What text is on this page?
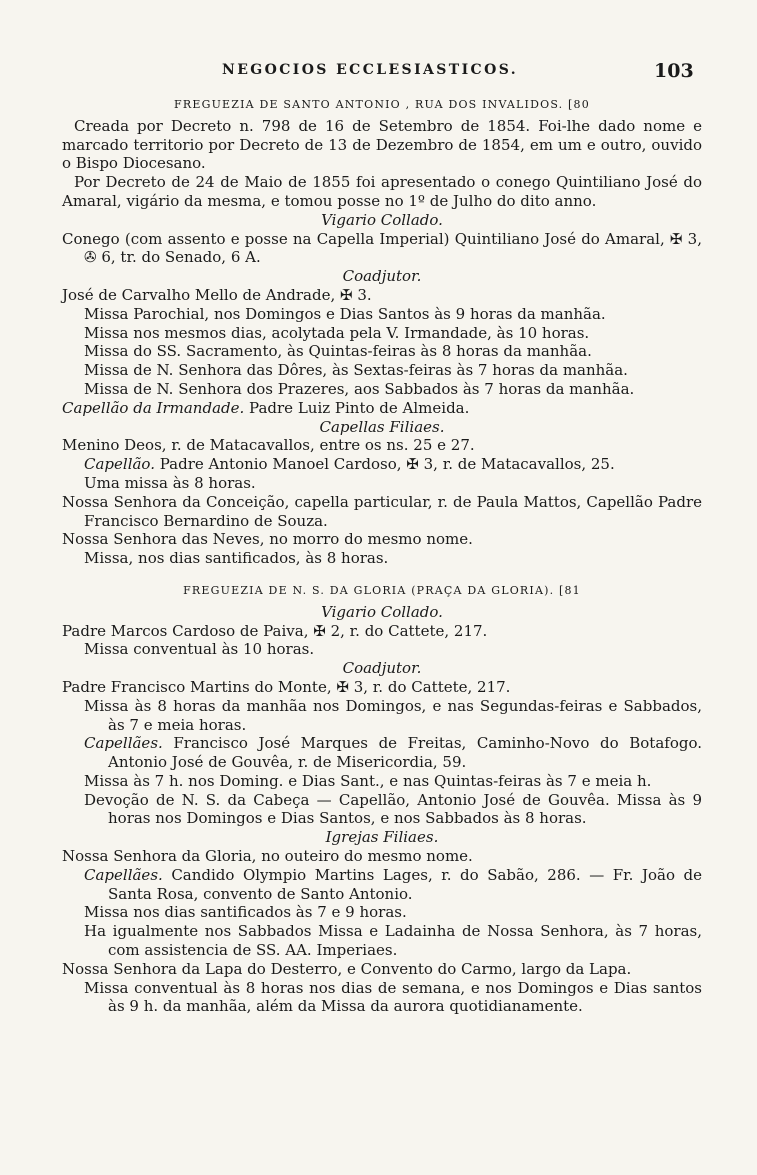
NEGOCIOS ECCLESIASTICOS.	103

FREGUEZIA DE SANTO ANTONIO , RUA DOS INVALIDOS. [80

Creada por Decreto n. 798 de 16 de Setembro de 1854. Foi-lhe dado nome e marcado territorio por Decreto de 13 de Dezembro de 1854, em um e outro, ouvido o Bispo Diocesano.

Por Decreto de 24 de Maio de 1855 foi apresentado o conego Quintiliano José do Amaral, vigário da mesma, e tomou posse no 1º de Julho do dito anno.

Vigario Collado.

Conego (com assento e posse na Capella Imperial) Quintiliano José do Amaral, ✠ 3, ✇ 6, tr. do Senado, 6 A.

Coadjutor.

José de Carvalho Mello de Andrade, ✠ 3.

Missa Parochial, nos Domingos e Dias Santos às 9 horas da manhãa.

Missa nos mesmos dias, acolytada pela V. Irmandade, às 10 horas.

Missa do SS. Sacramento, às Quintas-feiras às 8 horas da manhãa.

Missa de N. Senhora das Dôres, às Sextas-feiras às 7 horas da manhãa.

Missa de N. Senhora dos Prazeres, aos Sabbados às 7 horas da manhãa.

Capellão da Irmandade. Padre Luiz Pinto de Almeida.

Capellas Filiaes.

Menino Deos, r. de Matacavallos, entre os ns. 25 e 27.

Capellão. Padre Antonio Manoel Cardoso, ✠ 3, r. de Matacavallos, 25.

Uma missa às 8 horas.

Nossa Senhora da Conceição, capella particular, r. de Paula Mattos, Capellão Padre Francisco Bernardino de Souza.

Nossa Senhora das Neves, no morro do mesmo nome.

Missa, nos dias santificados, às 8 horas.

FREGUEZIA DE N. S. DA GLORIA (PRAÇA DA GLORIA). [81

Vigario Collado.

Padre Marcos Cardoso de Paiva, ✠ 2, r. do Cattete, 217.

Missa conventual às 10 horas.

Coadjutor.

Padre Francisco Martins do Monte, ✠ 3, r. do Cattete, 217.

Missa às 8 horas da manhãa nos Domingos, e nas Segundas-feiras e Sabbados, às 7 e meia horas.

Capellães. Francisco José Marques de Freitas, Caminho-Novo do Botafogo. Antonio José de Gouvêa, r. de Misericordia, 59.

Missa às 7 h. nos Doming. e Dias Sant., e nas Quintas-feiras às 7 e meia h.

Devoção de N. S. da Cabeça — Capellão, Antonio José de Gouvêa. Missa às 9 horas nos Domingos e Dias Santos, e nos Sabbados às 8 horas.

Igrejas Filiaes.

Nossa Senhora da Gloria, no outeiro do mesmo nome.

Capellães. Candido Olympio Martins Lages, r. do Sabão, 286. — Fr. João de Santa Rosa, convento de Santo Antonio.

Missa nos dias santificados às 7 e 9 horas.

Ha igualmente nos Sabbados Missa e Ladainha de Nossa Senhora, às 7 horas, com assistencia de SS. AA. Imperiaes.

Nossa Senhora da Lapa do Desterro, e Convento do Carmo, largo da Lapa.

Missa conventual às 8 horas nos dias de semana, e nos Domingos e Dias santos às 9 h. da manhãa, além da Missa da aurora quotidianamente.
